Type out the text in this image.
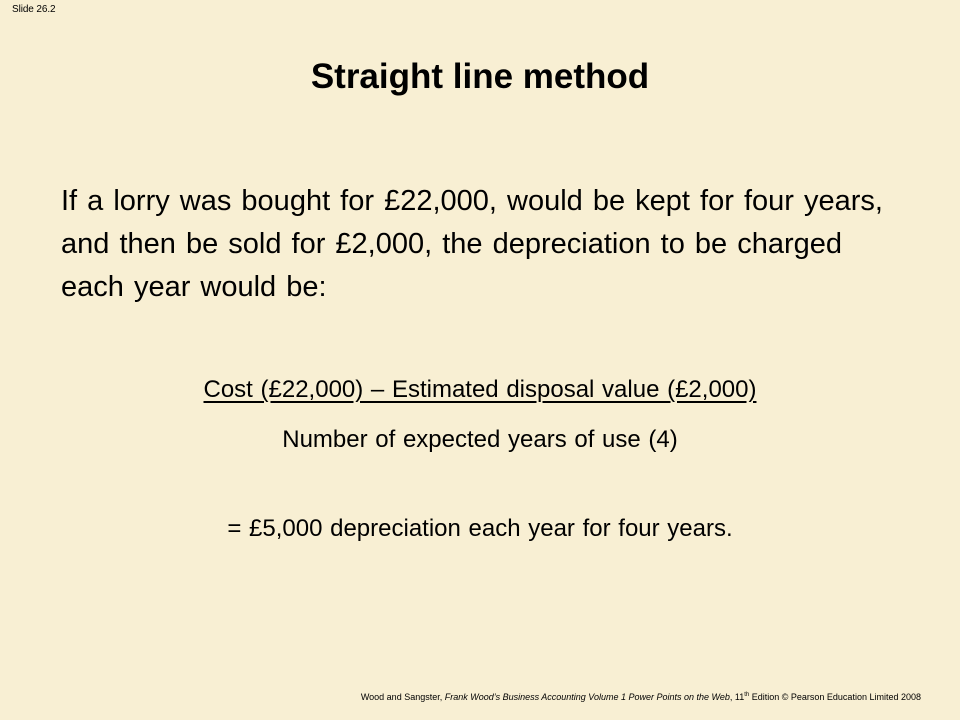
Slide 26.2
Straight line method
If a lorry was bought for £22,000, would be kept for four years, and then be sold for £2,000, the depreciation to be charged each year would be:
Cost (£22,000) – Estimated disposal value (£2,000)
Number of expected years of use (4)
= £5,000 depreciation each year for four years.
Wood and Sangster, Frank Wood’s Business Accounting Volume 1 Power Points on the Web, 11th Edition © Pearson Education Limited 2008
